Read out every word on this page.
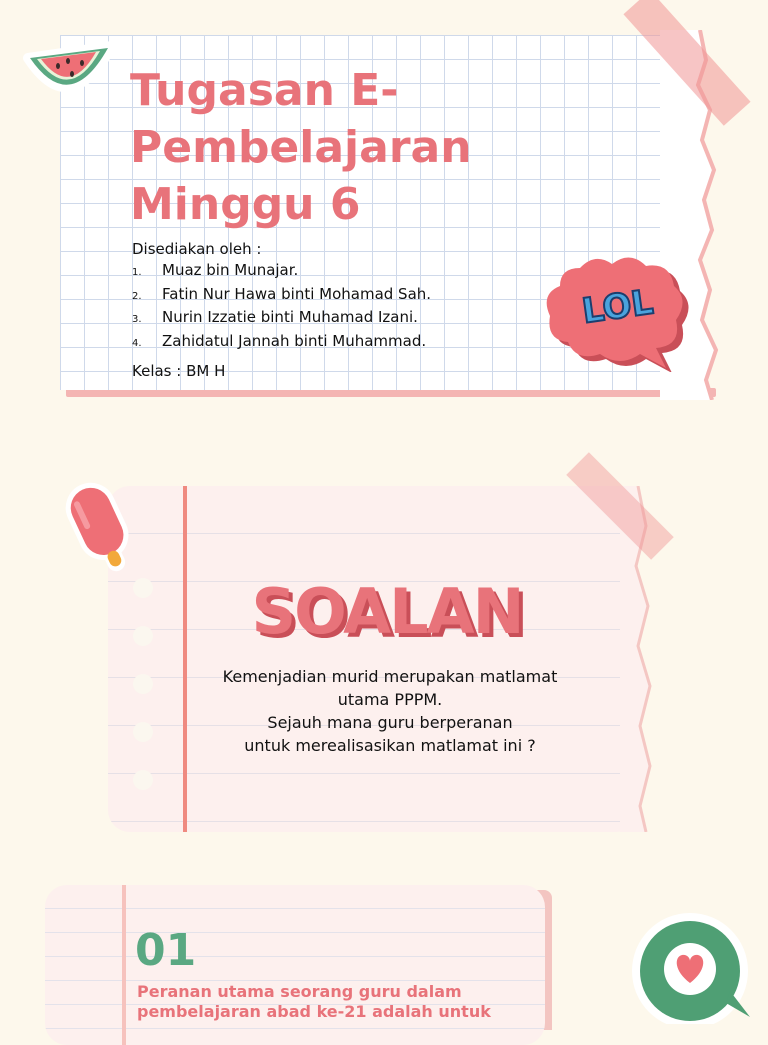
Tugasan E-
Pembelajaran
Minggu 6
Disediakan oleh :
1. Muaz bin Munajar.
2. Fatin Nur Hawa binti Mohamad Sah.
3. Nurin Izzatie binti Muhamad Izani.
4. Zahidatul Jannah binti Muhammad.
Kelas : BM H
LOL
SOALAN
Kemenjadian murid merupakan matlamat
utama PPPM.
Sejauh mana guru berperanan
untuk merealisasikan matlamat ini ?
01
Peranan utama seorang guru dalam
pembelajaran abad ke-21 adalah untuk
